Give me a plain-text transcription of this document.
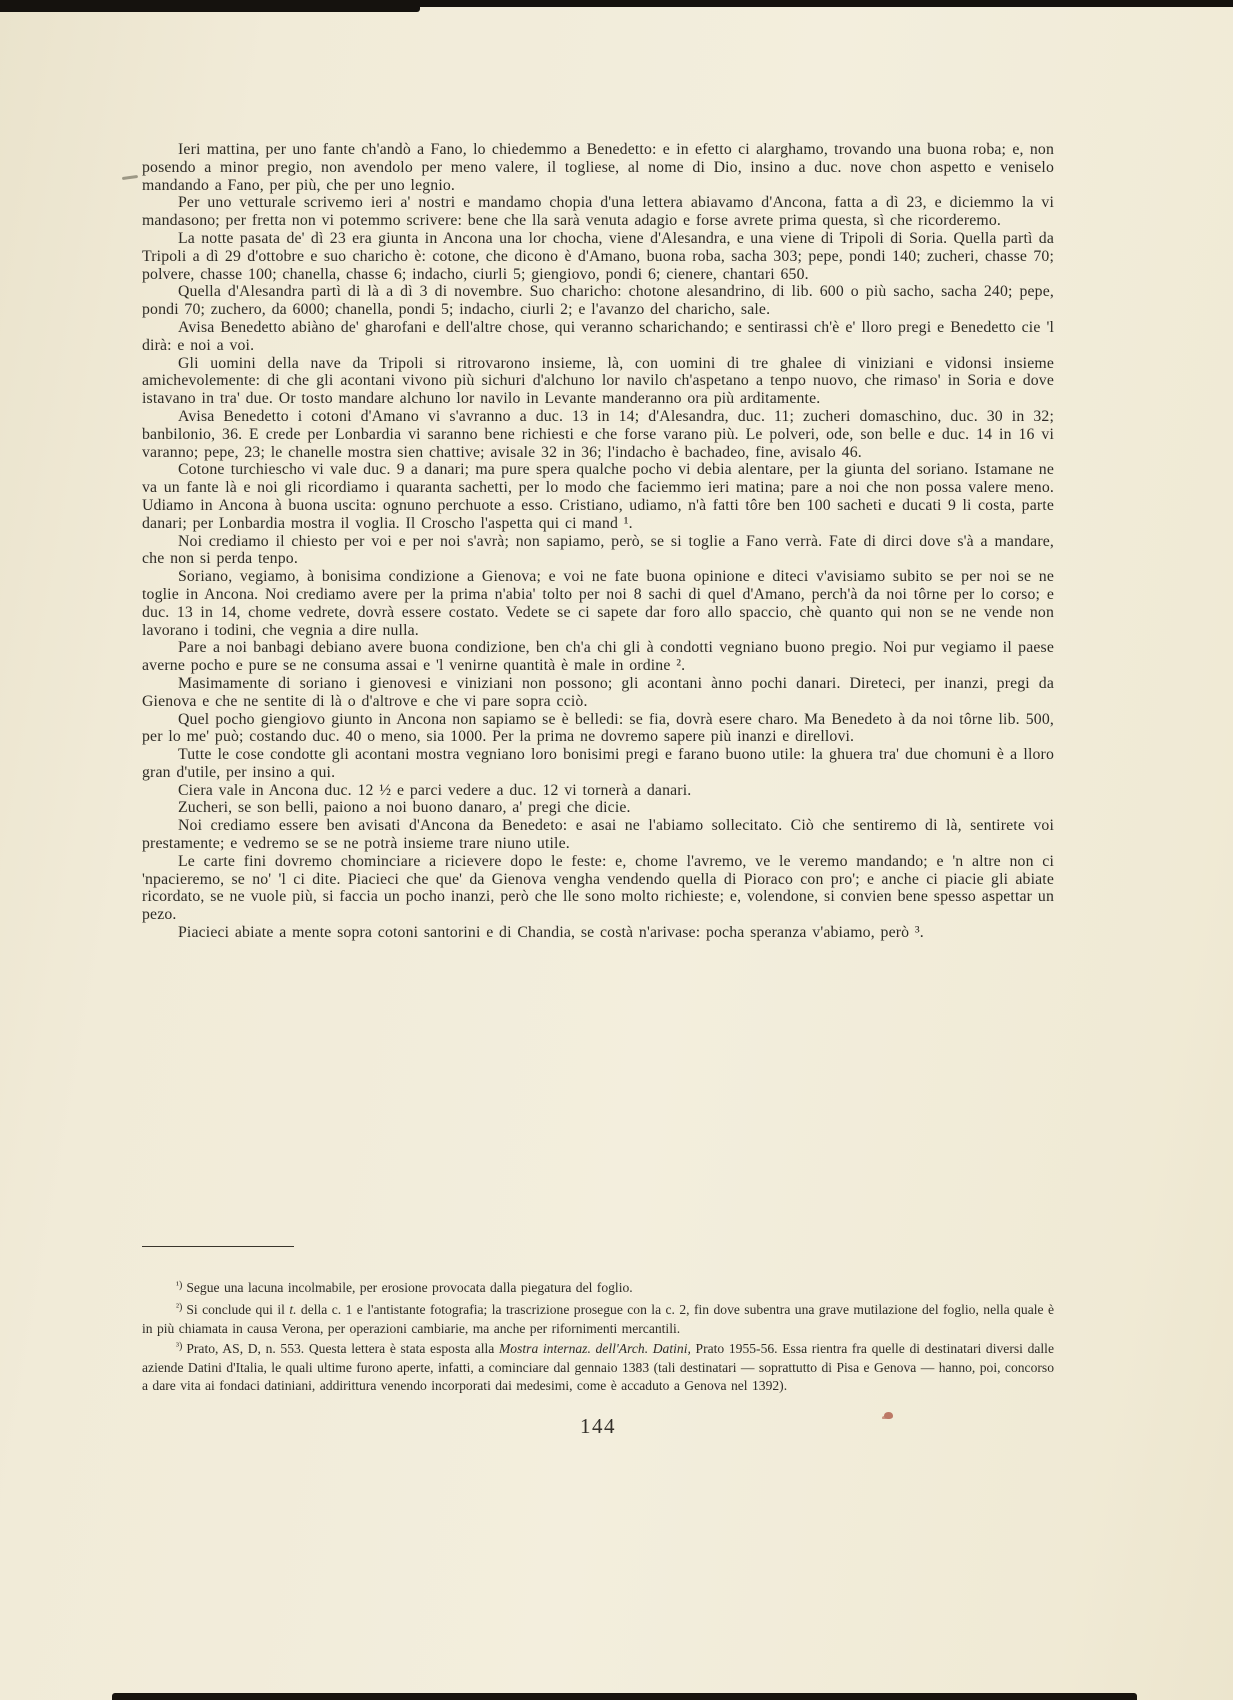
Ieri mattina, per uno fante ch'andò a Fano, lo chiedemmo a Benedetto: e in efetto ci alarghamo, trovando una buona roba; e, non posendo a minor pregio, non avendolo per meno valere, il togliese, al nome di Dio, insino a duc. nove chon aspetto e veniselo mandando a Fano, per più, che per uno legnio.

Per uno vetturale scrivemo ieri a' nostri e mandamo chopia d'una lettera abiavamo d'Ancona, fatta a dì 23, e diciemmo la vi mandasono; per fretta non vi potemmo scrivere: bene che lla sarà venuta adagio e forse avrete prima questa, sì che ricorderemo.

La notte pasata de' dì 23 era giunta in Ancona una lor chocha, viene d'Alesandra, e una viene di Tripoli di Soria. Quella partì da Tripoli a dì 29 d'ottobre e suo charicho è: cotone, che dicono è d'Amano, buona roba, sacha 303; pepe, pondi 140; zucheri, chasse 70; polvere, chasse 100; chanella, chasse 6; indacho, ciurli 5; giengiovo, pondi 6; cienere, chantari 650.

Quella d'Alesandra partì di là a dì 3 di novembre. Suo charicho: chotone alesandrino, di lib. 600 o più sacho, sacha 240; pepe, pondi 70; zuchero, da 6000; chanella, pondi 5; indacho, ciurli 2; e l'avanzo del charicho, sale.

Avisa Benedetto abiàno de' gharofani e dell'altre chose, qui veranno scharichando; e sentirassi ch'è e' lloro pregi e Benedetto cie 'l dirà: e noi a voi.

Gli uomini della nave da Tripoli si ritrovarono insieme, là, con uomini di tre ghalee di viniziani e vidonsi insieme amichevolemente: di che gli acontani vivono più sichuri d'alchuno lor navilo ch'aspetano a tenpo nuovo, che rimaso' in Soria e dove istavano in tra' due. Or tosto mandare alchuno lor navilo in Levante manderanno ora più arditamente.

Avisa Benedetto i cotoni d'Amano vi s'avranno a duc. 13 in 14; d'Alesandra, duc. 11; zucheri domaschino, duc. 30 in 32; banbilonio, 36. E crede per Lonbardia vi saranno bene richiesti e che forse varano più. Le polveri, ode, son belle e duc. 14 in 16 vi varanno; pepe, 23; le chanelle mostra sien chattive; avisale 32 in 36; l'indacho è bachadeo, fine, avisalo 46.

Cotone turchiescho vi vale duc. 9 a danari; ma pure spera qualche pocho vi debia alentare, per la giunta del soriano. Istamane ne va un fante là e noi gli ricordiamo i quaranta sachetti, per lo modo che faciemmo ieri matina; pare a noi che non possa valere meno. Udiamo in Ancona à buona uscita: ognuno perchuote a esso. Cristiano, udiamo, n'à fatti tôre ben 100 sacheti e ducati 9 li costa, parte danari; per Lonbardia mostra il voglia. Il Croscho l'aspetta qui ci mand ¹.

Noi crediamo il chiesto per voi e per noi s'avrà; non sapiamo, però, se si toglie a Fano verrà. Fate di dirci dove s'à a mandare, che non si perda tenpo.

Soriano, vegiamo, à bonisima condizione a Gienova; e voi ne fate buona opinione e diteci v'avisiamo subito se per noi se ne toglie in Ancona. Noi crediamo avere per la prima n'abia' tolto per noi 8 sachi di quel d'Amano, perch'à da noi tôrne per lo corso; e duc. 13 in 14, chome vedrete, dovrà essere costato. Vedete se ci sapete dar foro allo spaccio, chè quanto qui non se ne vende non lavorano i todini, che vegnia a dire nulla.

Pare a noi banbagi debiano avere buona condizione, ben ch'a chi gli à condotti vegniano buono pregio. Noi pur vegiamo il paese averne pocho e pure se ne consuma assai e 'l venirne quantità è male in ordine ².

Masimamente di soriano i gienovesi e viniziani non possono; gli acontani ànno pochi danari. Direteci, per inanzi, pregi da Gienova e che ne sentite di là o d'altrove e che vi pare sopra cciò.

Quel pocho giengiovo giunto in Ancona non sapiamo se è belledi: se fia, dovrà esere charo. Ma Benedeto à da noi tôrne lib. 500, per lo me' può; costando duc. 40 o meno, sia 1000. Per la prima ne dovremo sapere più inanzi e direllovi.

Tutte le cose condotte gli acontani mostra vegniano loro bonisimi pregi e farano buono utile: la ghuera tra' due chomuni è a lloro gran d'utile, per insino a qui.

Ciera vale in Ancona duc. 12 ½ e parci vedere a duc. 12 vi tornerà a danari.

Zucheri, se son belli, paiono a noi buono danaro, a' pregi che dicie.

Noi crediamo essere ben avisati d'Ancona da Benedeto: e asai ne l'abiamo sollecitato. Ciò che sentiremo di là, sentirete voi prestamente; e vedremo se se ne potrà insieme trare niuno utile.

Le carte fini dovremo chominciare a ricievere dopo le feste: e, chome l'avremo, ve le veremo mandando; e 'n altre non ci 'npacieremo, se no' 'l ci dite. Piacieci che que' da Gienova vengha vendendo quella di Pioraco con pro'; e anche ci piacie gli abiate ricordato, se ne vuole più, si faccia un pocho inanzi, però che lle sono molto richieste; e, volendone, si convien bene spesso aspettar un pezo.

Piacieci abiate a mente sopra cotoni santorini e di Chandia, se costà n'arivase: pocha speranza v'abiamo, però ³.

$^{^1)}$ Segue una lacuna incolmabile, per erosione provocata dalla piegatura del foglio.

$^{^2)}$ Si conclude qui il t. della c. 1 e l'antistante fotografia; la trascrizione prosegue con la c. 2, fin dove subentra una grave mutilazione del foglio, nella quale è in più chiamata in causa Verona, per operazioni cambiarie, ma anche per rifornimenti mercantili.

$^{^3)}$ Prato, AS, D, n. 553. Questa lettera è stata esposta alla Mostra internaz. dell'Arch. Datini, Prato 1955-56. Essa rientra fra quelle di destinatari diversi dalle aziende Datini d'Italia, le quali ultime furono aperte, infatti, a cominciare dal gennaio 1383 (tali destinatari — soprattutto di Pisa e Genova — hanno, poi, concorso a dare vita ai fondaci datiniani, addirittura venendo incorporati dai medesimi, come è accaduto a Genova nel 1392).

144
